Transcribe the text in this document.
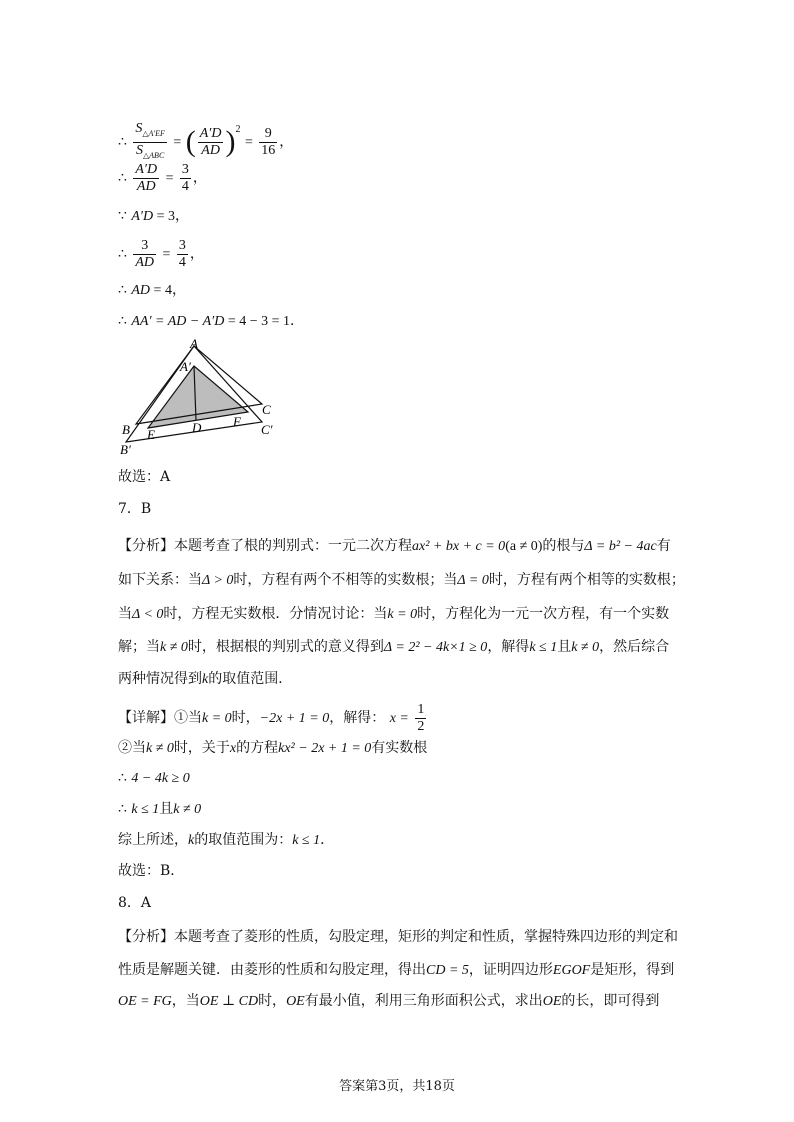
∴ $\frac{S_{\triangle A'EF}}{S_{\triangle ABC}}$ = ( $\frac{A'D}{AD} )^2 = \frac{9}{16}$ ，
∴ $\frac{A'D}{AD} = \frac{3}{4}$ ，
∵ A′D = 3，
∴ $\frac{3}{AD} = \frac{3}{4}$ ，
∴ AD = 4，
∴ AA′ = AD − A′D = 4 − 3 = 1．
A
A′
B
B′
C
C′
D
E
F
故选：A
7．B
【分析】本题考查了根的判别式：一元二次方程ax² + bx + c = 0(a ≠ 0)的根与Δ = b² − 4ac有
如下关系：当Δ > 0时，方程有两个不相等的实数根；当Δ = 0时，方程有两个相等的实数根；
当Δ < 0时，方程无实数根．分情况讨论：当k = 0时，方程化为一元一次方程，有一个实数
解；当k ≠ 0时，根据根的判别式的意义得到Δ = 2² − 4k×1 ≥ 0，解得k ≤ 1且k ≠ 0，然后综合
两种情况得到k的取值范围．
【详解】①当k = 0时，−2x + 1 = 0，解得： $x = \frac{1}{2}$
②当k ≠ 0时，关于x的方程kx² − 2x + 1 = 0有实数根
∴ 4 − 4k ≥ 0
∴ k ≤ 1且k ≠ 0
综上所述，k的取值范围为：k ≤ 1．
故选：B．
8．A
【分析】本题考查了菱形的性质，勾股定理，矩形的判定和性质，掌握特殊四边形的判定和
性质是解题关键．由菱形的性质和勾股定理，得出CD = 5，证明四边形EGOF是矩形，得到
OE = FG，当OE ⊥ CD时，OE有最小值，利用三角形面积公式，求出OE的长，即可得到
答案第3页，共18页
